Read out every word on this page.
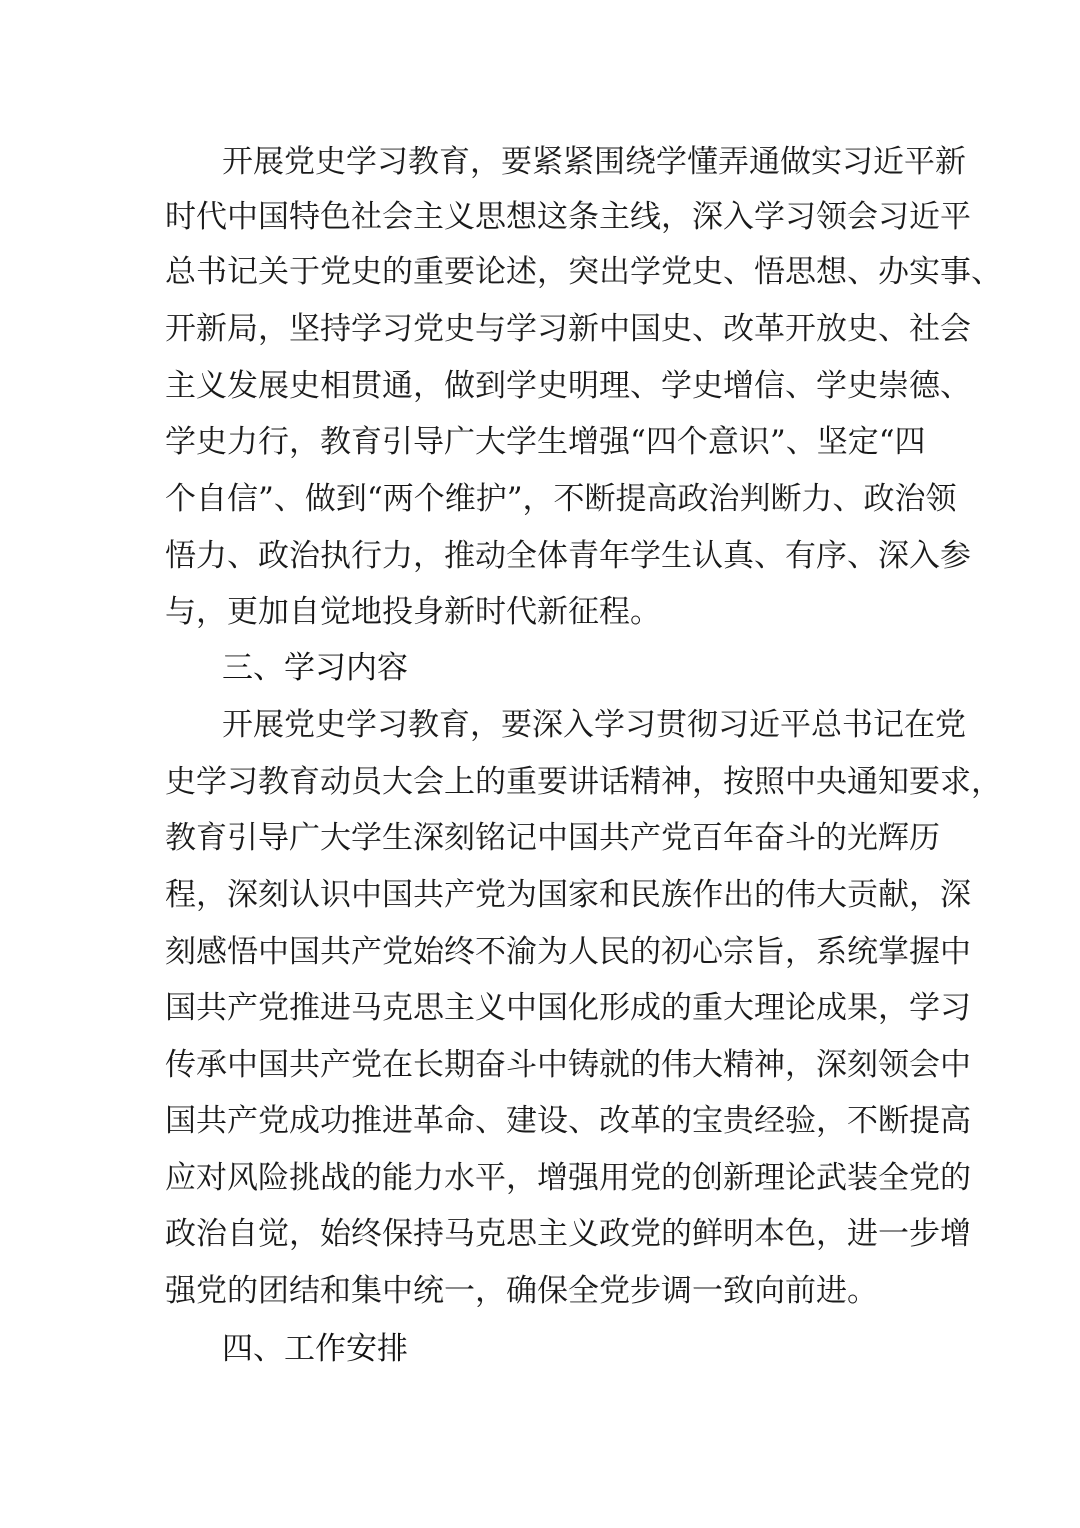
开展党史学习教育，要紧紧围绕学懂弄通做实习近平新
时代中国特色社会主义思想这条主线，深入学习领会习近平
总书记关于党史的重要论述，突出学党史、悟思想、办实事、
开新局，坚持学习党史与学习新中国史、改革开放史、社会
主义发展史相贯通，做到学史明理、学史增信、学史崇德、
学史力行，教育引导广大学生增强“四个意识”、坚定“四
个自信”、做到“两个维护”，不断提高政治判断力、政治领
悟力、政治执行力，推动全体青年学生认真、有序、深入参
与，更加自觉地投身新时代新征程。
三、学习内容
开展党史学习教育，要深入学习贯彻习近平总书记在党
史学习教育动员大会上的重要讲话精神，按照中央通知要求，
教育引导广大学生深刻铭记中国共产党百年奋斗的光辉历
程，深刻认识中国共产党为国家和民族作出的伟大贡献，深
刻感悟中国共产党始终不渝为人民的初心宗旨，系统掌握中
国共产党推进马克思主义中国化形成的重大理论成果，学习
传承中国共产党在长期奋斗中铸就的伟大精神，深刻领会中
国共产党成功推进革命、建设、改革的宝贵经验，不断提高
应对风险挑战的能力水平，增强用党的创新理论武装全党的
政治自觉，始终保持马克思主义政党的鲜明本色，进一步增
强党的团结和集中统一，确保全党步调一致向前进。
四、工作安排
